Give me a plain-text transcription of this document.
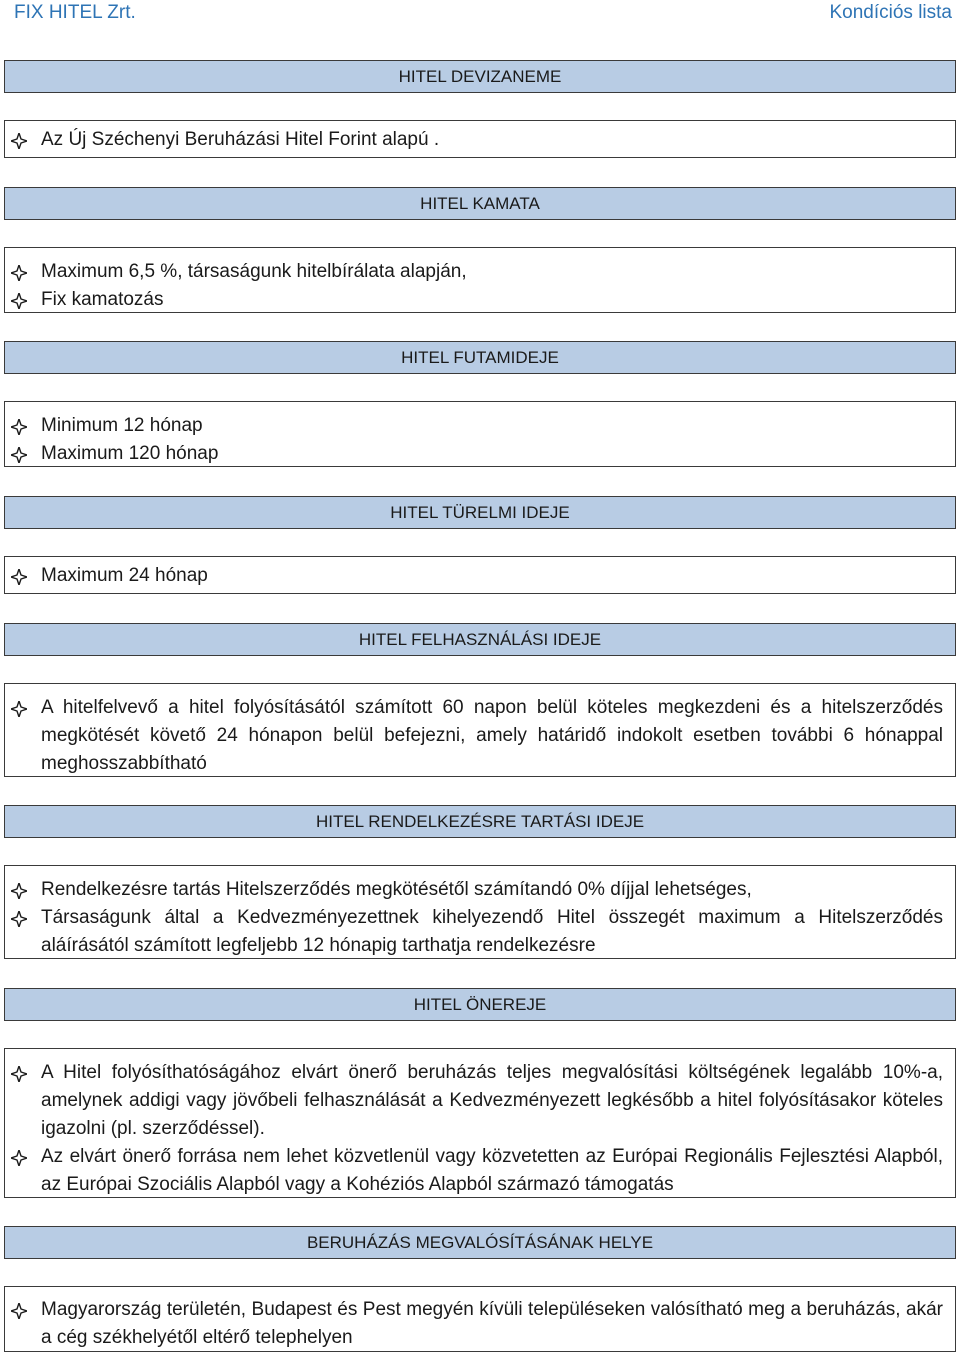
FIX HITEL Zrt.	Kondíciós lista
HITEL DEVIZANEME
Az Új Széchenyi Beruházási Hitel Forint alapú .
HITEL KAMATA
Maximum 6,5 %, társaságunk hitelbírálata alapján,
Fix kamatozás
HITEL FUTAMIDEJE
Minimum 12 hónap
Maximum 120 hónap
HITEL TÜRELMI IDEJE
Maximum 24 hónap
HITEL FELHASZNÁLÁSI IDEJE
A hitelfelvevő a hitel folyósításától számított 60 napon belül köteles megkezdeni és a hitelszerződés megkötését követő 24 hónapon belül befejezni, amely határidő indokolt esetben további 6 hónappal meghosszabbítható
HITEL RENDELKEZÉSRE TARTÁSI IDEJE
Rendelkezésre tartás Hitelszerződés megkötésétől számítandó 0% díjjal lehetséges,
Társaságunk által a Kedvezményezettnek kihelyezendő Hitel összegét maximum a Hitelszerződés aláírásától számított legfeljebb 12 hónapig tarthatja rendelkezésre
HITEL ÖNEREJE
A Hitel folyósíthatóságához elvárt önerő beruházás teljes megvalósítási költségének legalább 10%-a, amelynek addigi vagy jövőbeli felhasználását a Kedvezményezett legkésőbb a hitel folyósításakor köteles igazolni (pl. szerződéssel).
Az elvárt önerő forrása nem lehet közvetlenül vagy közvetetten az Európai Regionális Fejlesztési Alapból, az Európai Szociális Alapból vagy a Kohéziós Alapból származó támogatás
BERUHÁZÁS MEGVALÓSÍTÁSÁNAK HELYE
Magyarország területén, Budapest és Pest megyén kívüli településeken valósítható meg a beruházás, akár a cég székhelyétől eltérő telephelyen
